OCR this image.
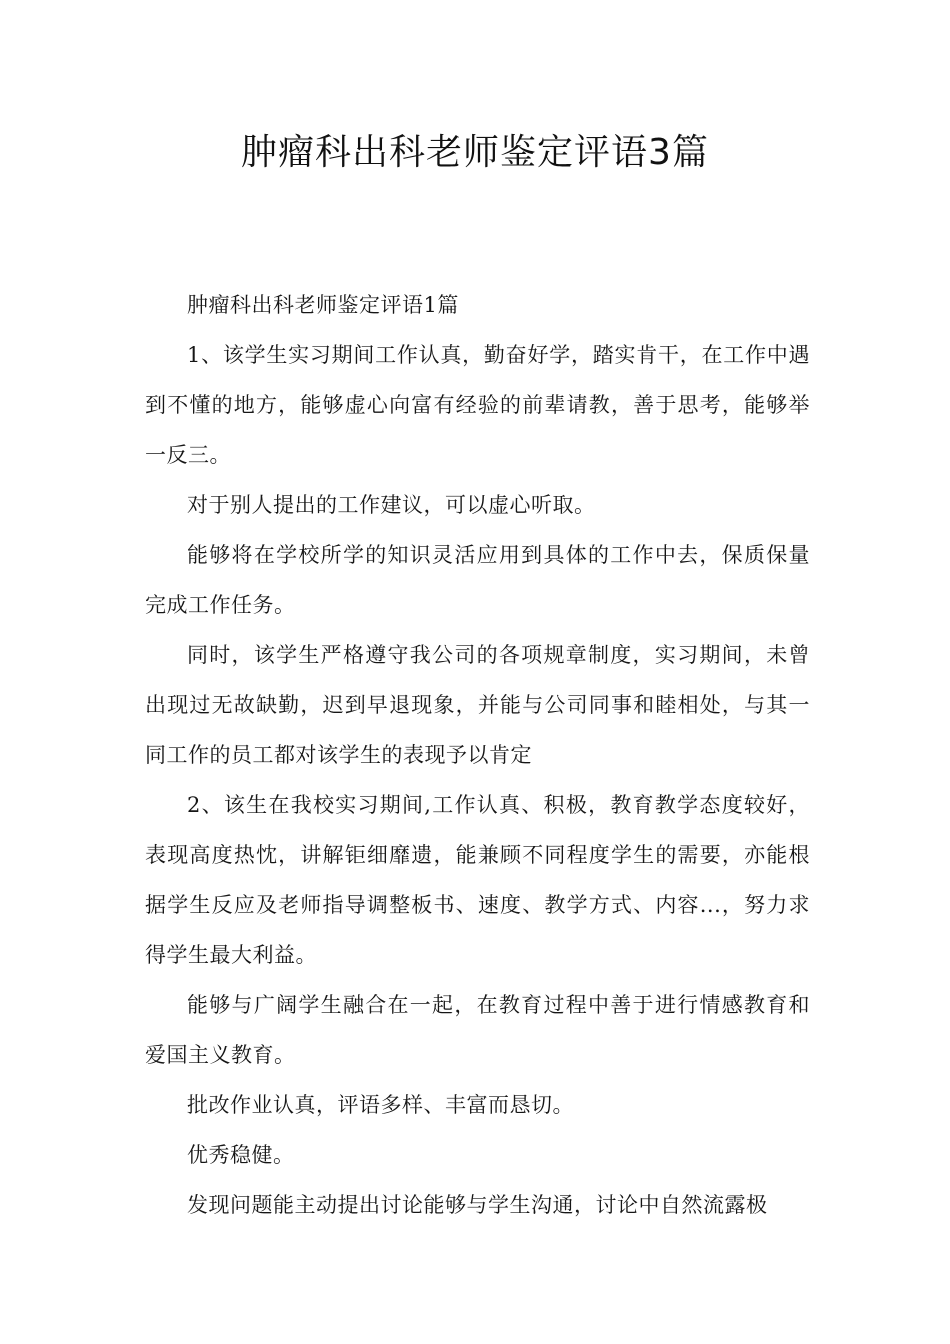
肿瘤科出科老师鉴定评语3篇

肿瘤科出科老师鉴定评语1篇

1、该学生实习期间工作认真，勤奋好学，踏实肯干，在工作中遇到不懂的地方，能够虚心向富有经验的前辈请教，善于思考，能够举一反三。

对于别人提出的工作建议，可以虚心听取。

能够将在学校所学的知识灵活应用到具体的工作中去，保质保量完成工作任务。

同时，该学生严格遵守我公司的各项规章制度，实习期间，未曾出现过无故缺勤，迟到早退现象，并能与公司同事和睦相处，与其一同工作的员工都对该学生的表现予以肯定

2、该生在我校实习期间,工作认真、积极，教育教学态度较好，表现高度热忱，讲解钜细靡遗，能兼顾不同程度学生的需要，亦能根据学生反应及老师指导调整板书、速度、教学方式、内容...，努力求得学生最大利益。

能够与广阔学生融合在一起，在教育过程中善于进行情感教育和爱国主义教育。

批改作业认真，评语多样、丰富而恳切。

优秀稳健。

发现问题能主动提出讨论能够与学生沟通，讨论中自然流露极
